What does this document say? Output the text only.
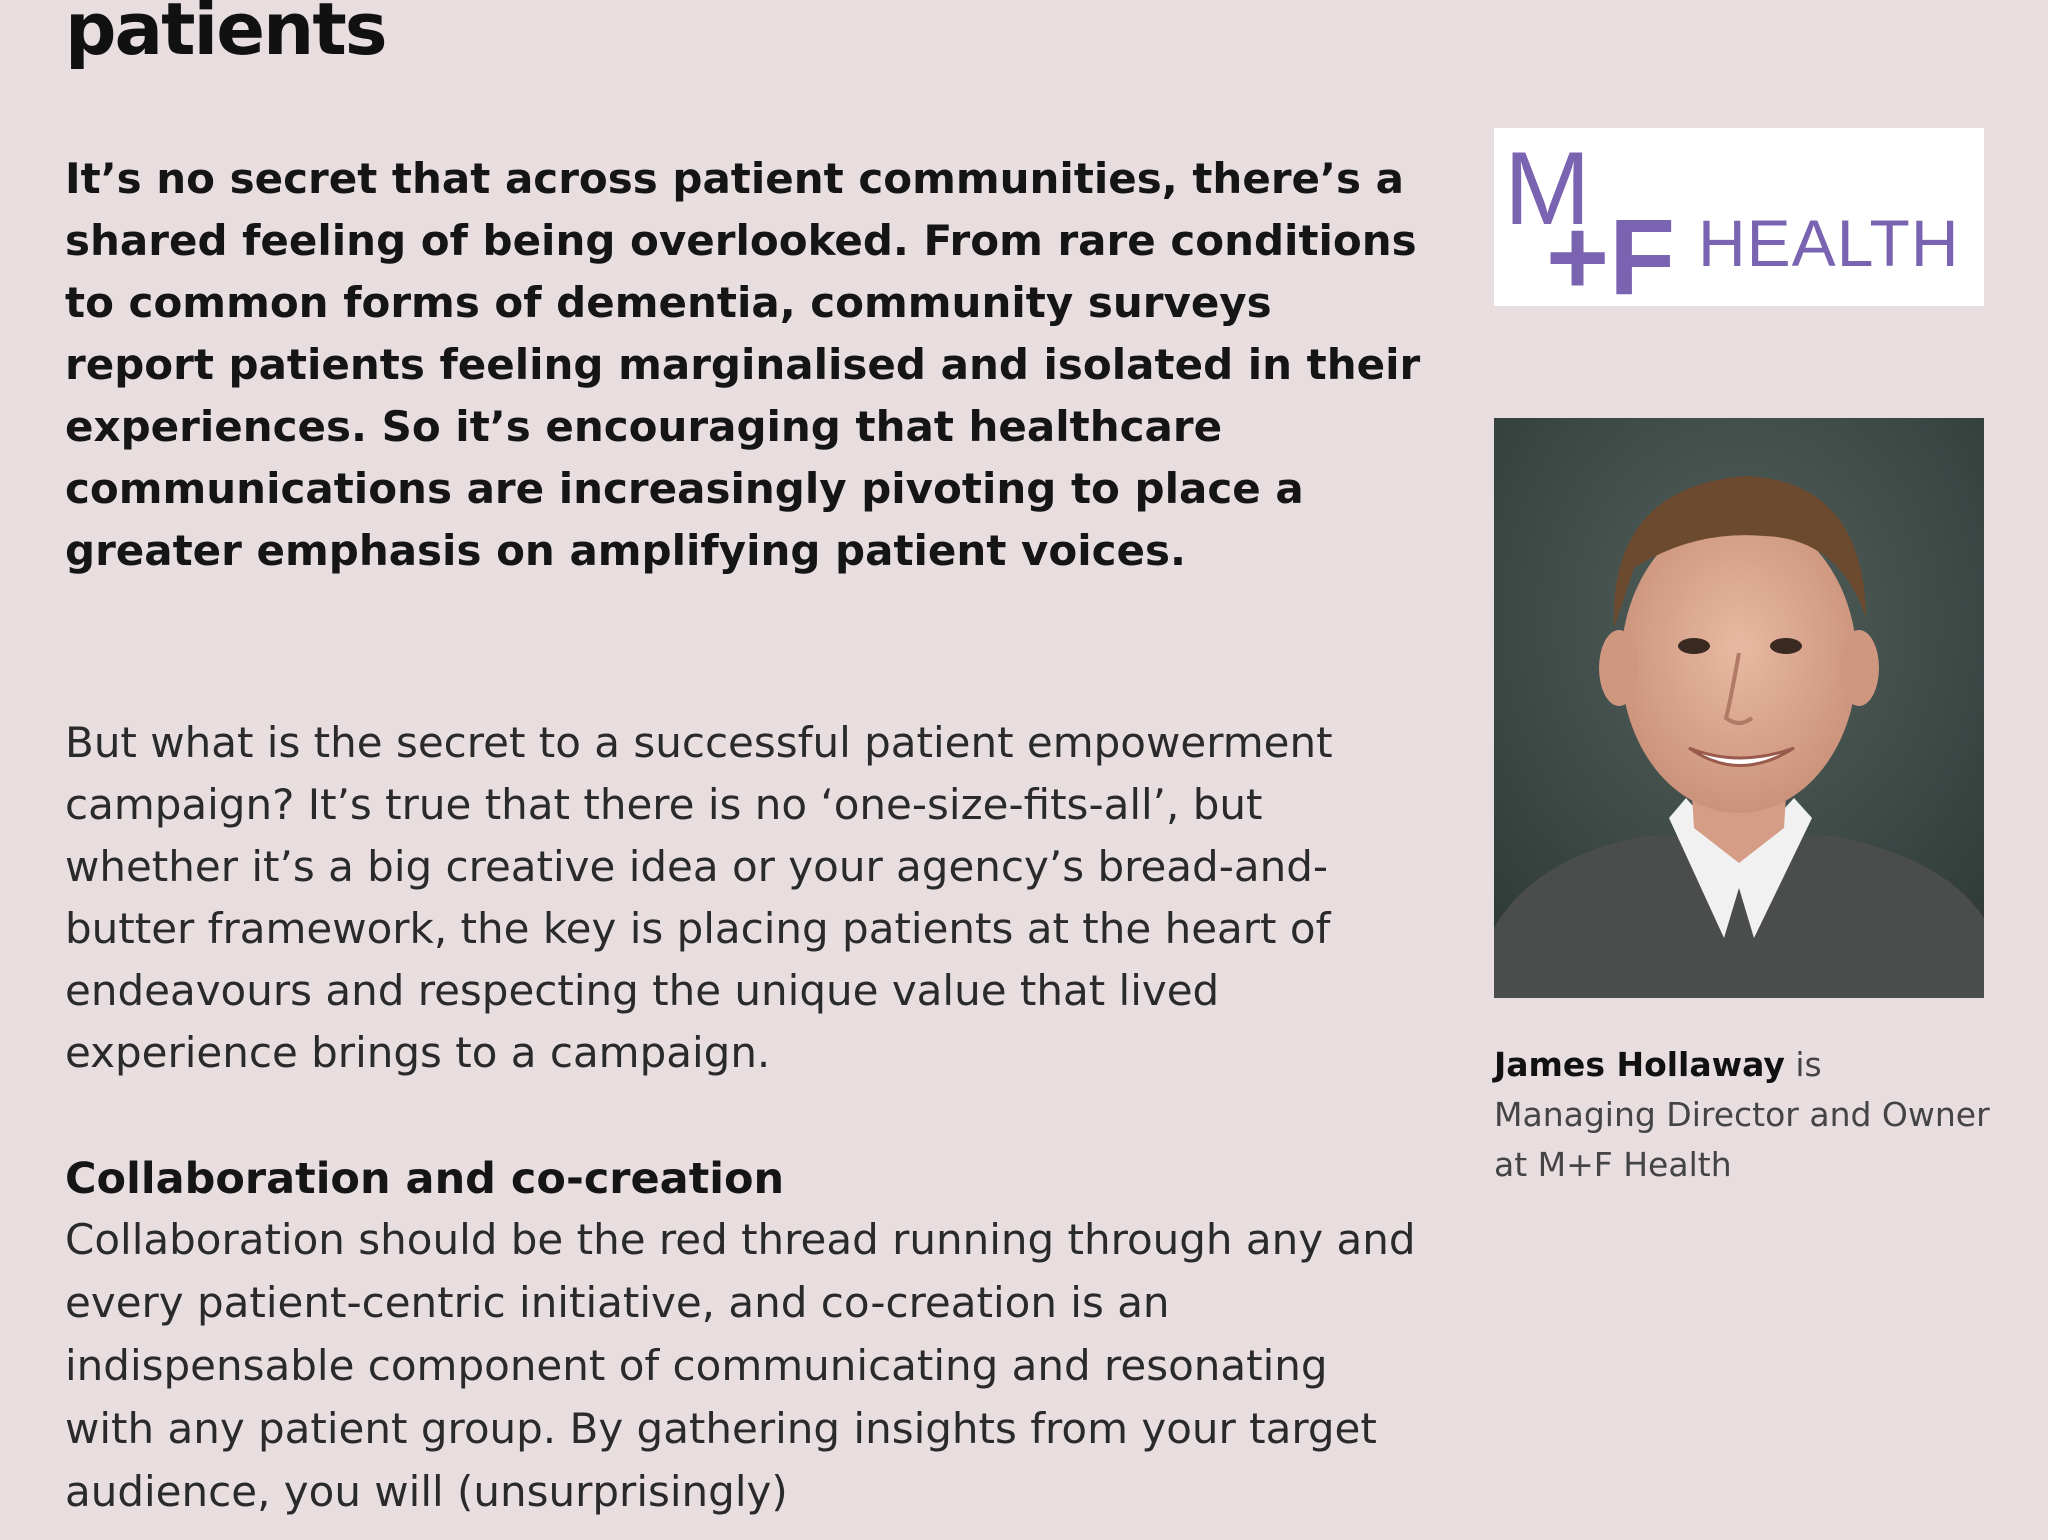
patients

It’s no secret that across patient communities, there’s a shared feeling of being overlooked. From rare conditions to common forms of dementia, community surveys report patients feeling marginalised and isolated in their experiences. So it’s encouraging that healthcare communications are increasingly pivoting to place a greater emphasis on amplifying patient voices.

But what is the secret to a successful patient empowerment campaign? It’s true that there is no ‘one-size-fits-all’, but whether it’s a big creative idea or your agency’s bread-and-butter framework, the key is placing patients at the heart of endeavours and respecting the unique value that lived experience brings to a campaign.

Collaboration and co-creation

Collaboration should be the red thread running through any and every patient-centric initiative, and co-creation is an indispensable component of communicating and resonating with any patient group. By gathering insights from your target audience, you will (unsurprisingly)

M
+F HEALTH

James Hollaway is Managing Director and Owner at M+F Health
